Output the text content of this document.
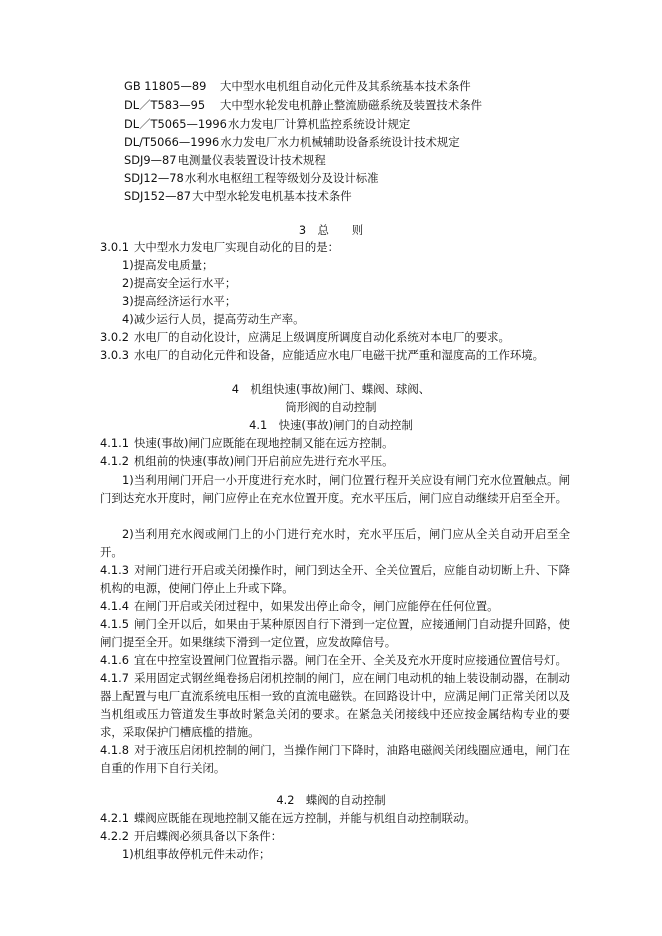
GB 11805—89 大中型水电机组自动化元件及其系统基本技术条件
DL／T583—95 大中型水轮发电机静止整流励磁系统及装置技术条件
DL／T5065—1996 水力发电厂计算机监控系统设计规定
DL/T5066—1996 水力发电厂水力机械辅助设备系统设计技术规定
SDJ9—87 电测量仪表装置设计技术规程
SDJ12—78 水利水电枢纽工程等级划分及设计标准
SDJ152—87 大中型水轮发电机基本技术条件
3　总　　则
3.0.1 大中型水力发电厂实现自动化的目的是：
1)提高发电质量；
2)提高安全运行水平；
3)提高经济运行水平；
4)减少运行人员，提高劳动生产率。
3.0.2 水电厂的自动化设计，应满足上级调度所调度自动化系统对本电厂的要求。
3.0.3 水电厂的自动化元件和设备，应能适应水电厂电磁干扰严重和湿度高的工作环境。
4　机组快速(事故)闸门、蝶阀、球阀、
筒形阀的自动控制
4.1　快速(事故)闸门的自动控制
4.1.1 快速(事故)闸门应既能在现地控制又能在远方控制。
4.1.2 机组前的快速(事故)闸门开启前应先进行充水平压。
1)当利用闸门开启一小开度进行充水时，闸门位置行程开关应设有闸门充水位置触点。闸门到达充水开度时，闸门应停止在充水位置开度。充水平压后，闸门应自动继续开启至全开。
2)当利用充水阀或闸门上的小门进行充水时，充水平压后，闸门应从全关自动开启至全开。
4.1.3 对闸门进行开启或关闭操作时，闸门到达全开、全关位置后，应能自动切断上升、下降机构的电源，使闸门停止上升或下降。
4.1.4 在闸门开启或关闭过程中，如果发出停止命令，闸门应能停在任何位置。
4.1.5 闸门全开以后，如果由于某种原因自行下滑到一定位置，应接通闸门自动提升回路，使闸门提至全开。如果继续下滑到一定位置，应发故障信号。
4.1.6 宜在中控室设置闸门位置指示器。闸门在全开、全关及充水开度时应接通位置信号灯。
4.1.7 采用固定式钢丝绳卷扬启闭机控制的闸门，应在闸门电动机的轴上装设制动器，在制动器上配置与电厂直流系统电压相一致的直流电磁铁。在回路设计中，应满足闸门正常关闭以及当机组或压力管道发生事故时紧急关闭的要求。在紧急关闭接线中还应按金属结构专业的要求，采取保护门槽底槛的措施。
4.1.8 对于液压启闭机控制的闸门，当操作闸门下降时，油路电磁阀关闭线圈应通电，闸门在自重的作用下自行关闭。
4.2　蝶阀的自动控制
4.2.1 蝶阀应既能在现地控制又能在远方控制，并能与机组自动控制联动。
4.2.2 开启蝶阀必须具备以下条件：
1)机组事故停机元件未动作；
